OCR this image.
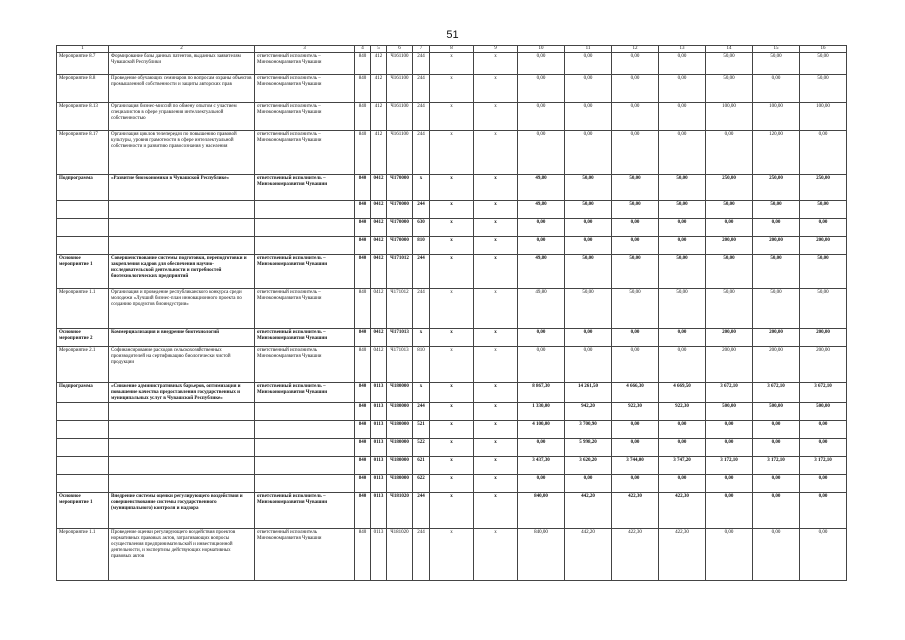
51
1	2	3	4	5	6	7	8	9	10	11	12	13	14	15	16
Мероприятие 8.7	Формирование базы данных патентов, выданных заявителям Чувашской Республики	ответственный исполнитель – Минэкономразвития Чувашии	840	412	Ч161100	244	x	x	0,00	0,00	0,00	0,00	50,00	50,00	50,00
Мероприятие 8.8	Проведение обучающих семинаров по вопросам охраны объектов промышленной собственности и защиты авторских прав	ответственный исполнитель – Минэкономразвития Чувашии	840	412	Ч161100	244	x	x	0,00	0,00	0,00	0,00	50,00	0,00	50,00
Мероприятие 8.13	Организация бизнес-миссий по обмену опытом с участием специалистов в сфере управления интеллектуальной собственностью	ответственный исполнитель – Минэкономразвития Чувашии	840	412	Ч161100	244	x	x	0,00	0,00	0,00	0,00	100,00	100,00	100,00
Мероприятие 8.17	Организация циклов телепередач по повышению правовой культуры, уровня грамотности в сфере интеллектуальной собственности и развитию правосознания у населения	ответственный исполнитель – Минэкономразвития Чувашии	840	412	Ч161100	244	x	x	0,00	0,00	0,00	0,00	0,00	120,00	0,00
Подпрограмма	«Развитие биоэкономики в Чувашской Республике»	ответственный исполнитель – Минэкономразвития Чувашии	840	0412	Ч170000	x	x	x	49,80	50,00	50,00	50,00	250,00	250,00	250,00
			840	0412	Ч170000	244	x	x	49,80	50,00	50,00	50,00	50,00	50,00	50,00
			840	0412	Ч170000	630	x	x	0,00	0,00	0,00	0,00	0,00	0,00	0,00
			840	0412	Ч170000	810	x	x	0,00	0,00	0,00	0,00	200,00	200,00	200,00
Основное мероприятие 1	Совершенствование системы подготовки, переподготовки и закрепления кадров для обеспечения научно-исследовательской деятельности и потребностей биотехнологических предприятий	ответственный исполнитель – Минэкономразвития Чувашии	840	0412	Ч171012	244	x	x	49,80	50,00	50,00	50,00	50,00	50,00	50,00
Мероприятие 1.1	Организация и проведение республиканского конкурса среди молодежи «Лучший бизнес-план инновационного проекта по созданию продуктов биоиндустрии»	ответственный исполнитель – Минэкономразвития Чувашии	840	0412	Ч171012	244	x	x	49,80	50,00	50,00	50,00	50,00	50,00	50,00
Основное мероприятие 2	Коммерциализация и внедрение биотехнологий	ответственный исполнитель – Минэкономразвития Чувашии	840	0412	Ч171013	x	x	x	0,00	0,00	0,00	0,00	200,00	200,00	200,00
Мероприятие 2.1	Софинансирование расходов сельскохозяйственных производителей на сертификацию биологически чистой продукции	ответственный исполнитель Минэкономразвития Чувашии	840	0412	Ч171013	810	x	x	0,00	0,00	0,00	0,00	200,00	200,00	200,00
Подпрограмма	«Снижение административных барьеров, оптимизация и повышение качества предоставления государственных и муниципальных услуг в Чувашской Республике»	ответственный исполнитель – Минэкономразвития Чувашии	840	0113	Ч180000	x	x	x	8 867,30	14 261,50	4 666,30	4 669,50	3 672,10	3 672,10	3 672,10
			840	0113	Ч180000	244	x	x	1 330,00	942,20	922,30	922,30	500,00	500,00	500,00
			840	0113	Ч180000	521	x	x	4 100,00	3 700,90	0,00	0,00	0,00	0,00	0,00
			840	0113	Ч180000	522	x	x	0,00	5 998,20	0,00	0,00	0,00	0,00	0,00
			840	0113	Ч180000	621	x	x	3 437,30	3 620,20	3 744,00	3 747,20	3 172,10	3 172,10	3 172,10
			840	0113	Ч180000	622	x	x	0,00	0,00	0,00	0,00	0,00	0,00	0,00
Основное мероприятие 1	Внедрение системы оценки регулирующего воздействия и совершенствование системы государственного (муниципального) контроля и надзора	ответственный исполнитель – Минэкономразвития Чувашии	840	0113	Ч181020	244	x	x	840,00	442,20	422,30	422,30	0,00	0,00	0,00
Мероприятие 1.1	Проведение оценки регулирующего воздействия проектов нормативных правовых актов, затрагивающих вопросы осуществления предпринимательской и инвестиционной деятельности, и экспертизы действующих нормативных правовых актов	ответственный исполнитель Минэкономразвития Чувашии	840	0113	Ч181020	244	x	x	840,00	442,20	422,30	422,30	0,00	0,00	0,00
